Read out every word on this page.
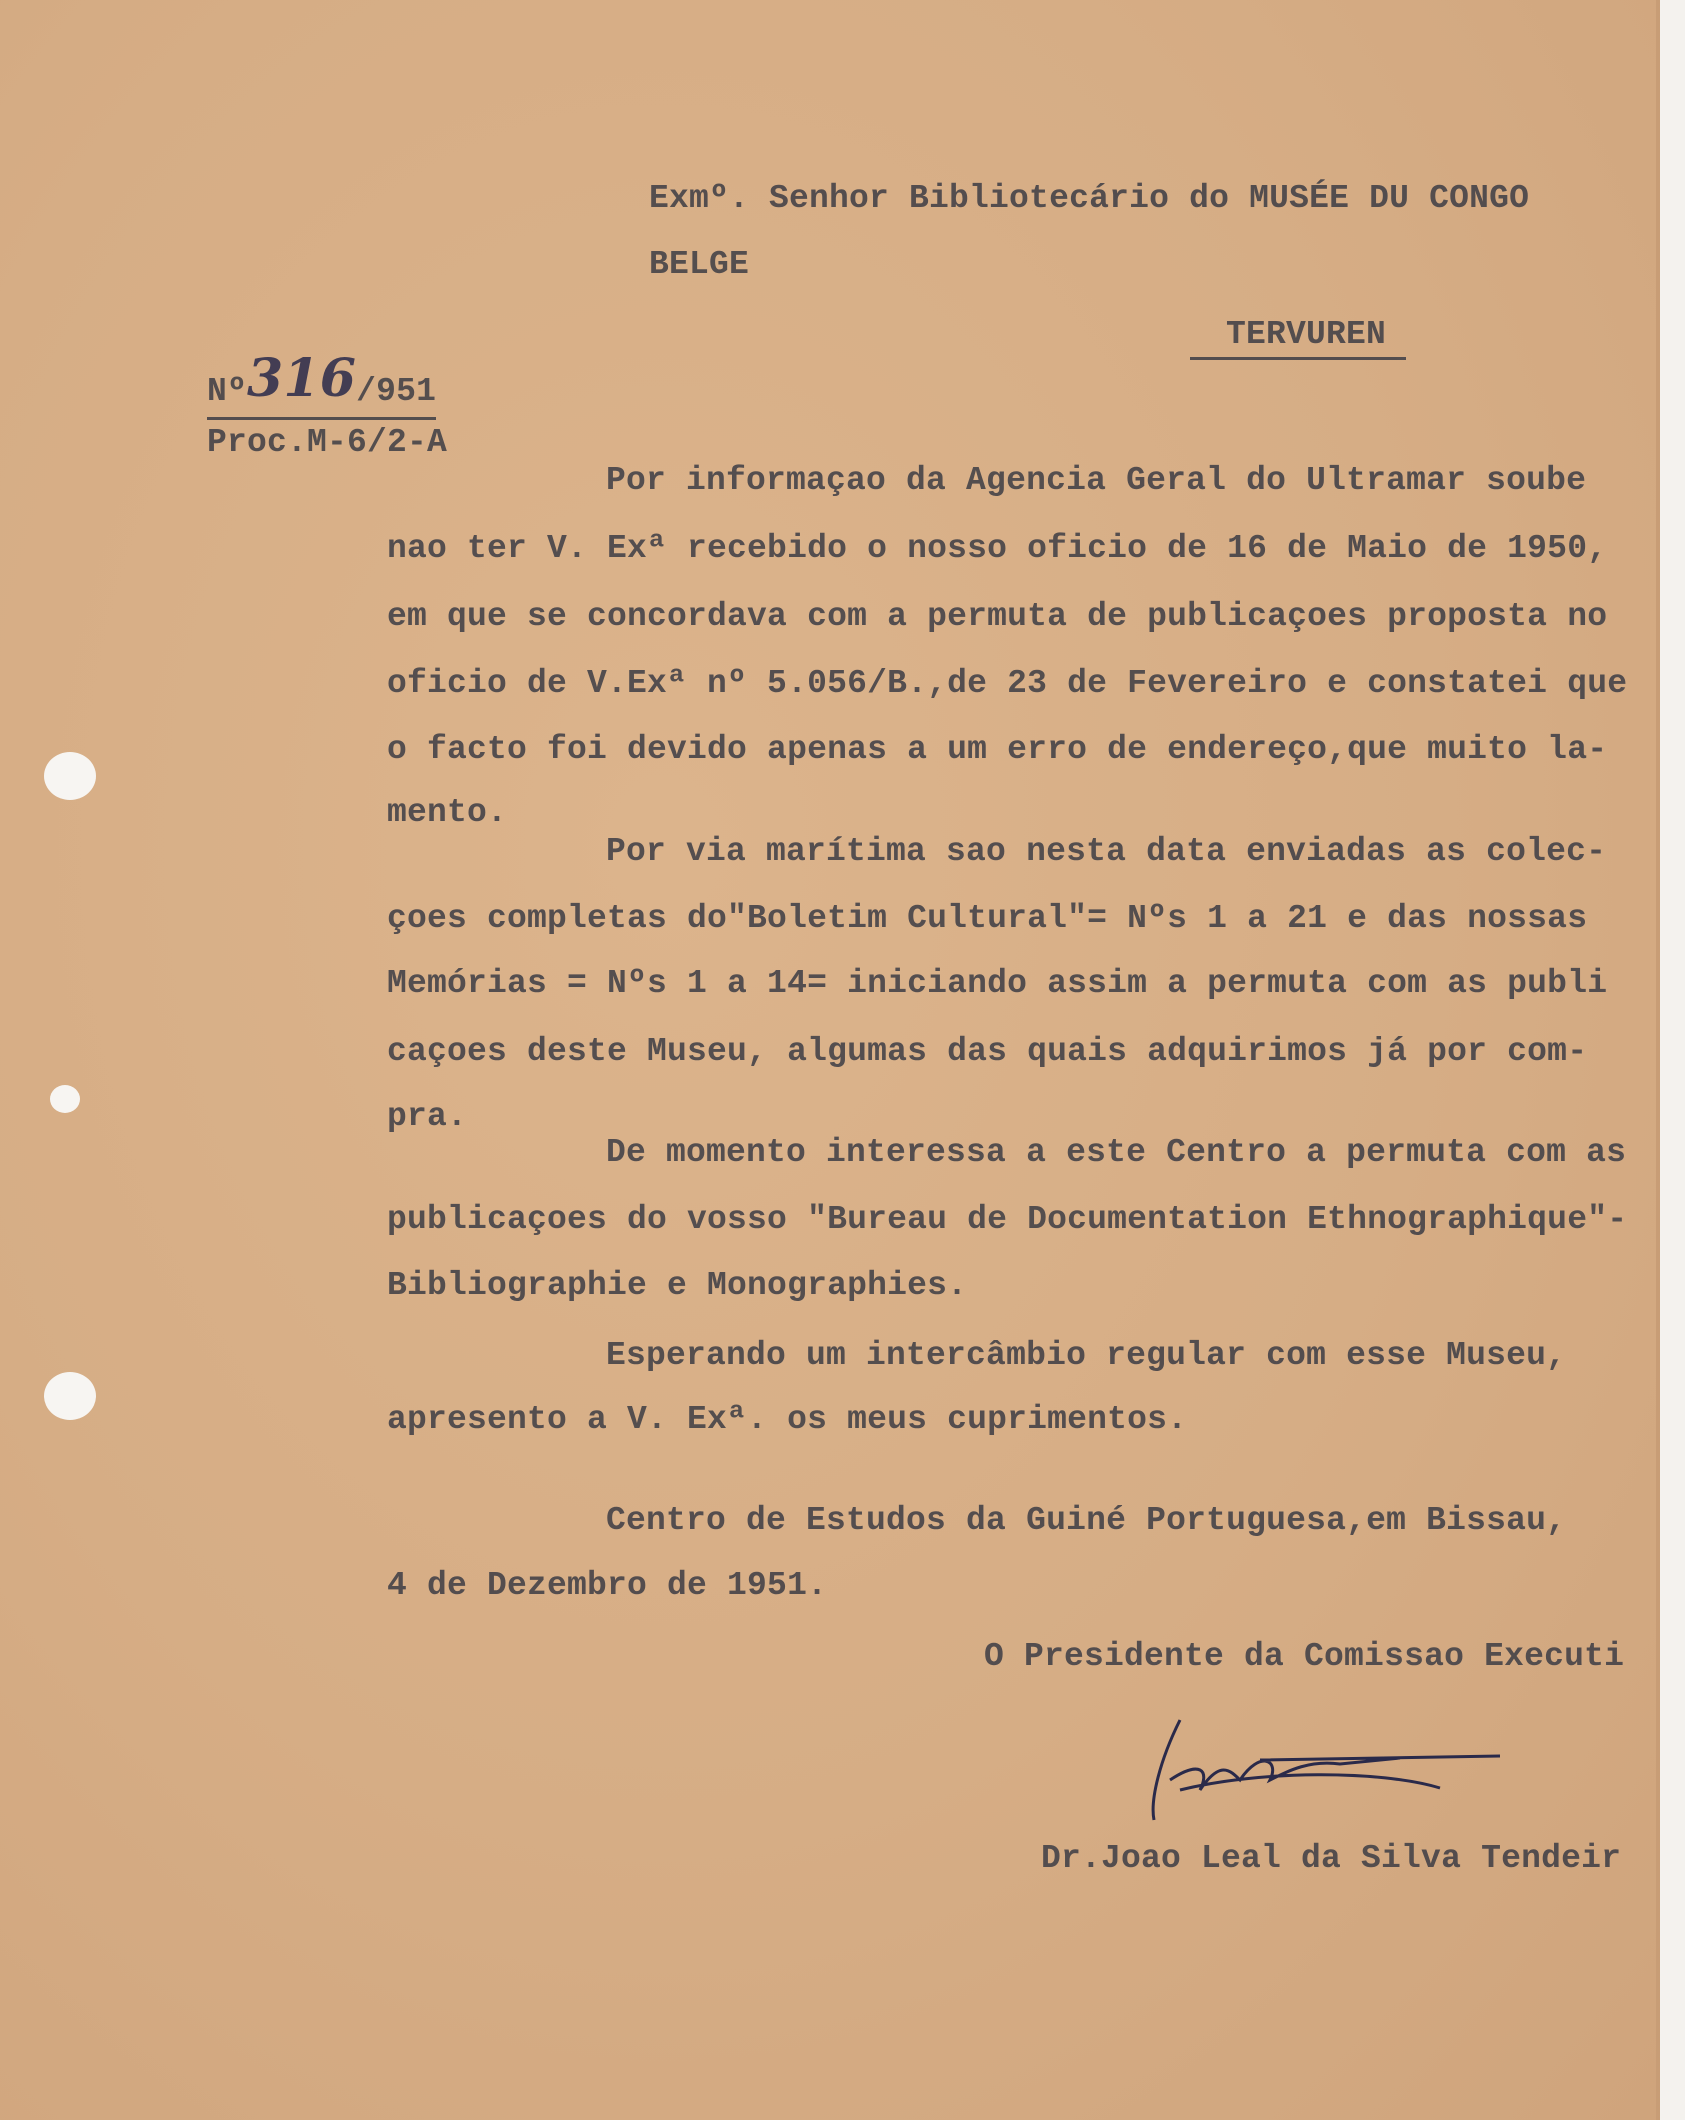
Exmº. Senhor Bibliotecário do MUSÉE DU CONGO
BELGE
TERVUREN
Nº316/951
Proc.M-6/2-A
Por informaçao da Agencia Geral do Ultramar soube
nao ter V. Exª recebido o nosso oficio de 16 de Maio de 1950,
em que se concordava com a permuta de publicaçoes proposta no
oficio de V.Exª nº 5.056/B.,de 23 de Fevereiro e constatei que
o facto foi devido apenas a um erro de endereço,que muito la-
mento.
Por via marítima sao nesta data enviadas as colec-
çoes completas do"Boletim Cultural"= Nºs 1 a 21 e das nossas
Memórias = Nºs 1 a 14= iniciando assim a permuta com as publi
caçoes deste Museu, algumas das quais adquirimos já por com-
pra.
De momento interessa a este Centro a permuta com as
publicaçoes do vosso "Bureau de Documentation Ethnographique"-
Bibliographie e Monographies.
Esperando um intercâmbio regular com esse Museu,
apresento a V. Exª. os meus cuprimentos.
Centro de Estudos da Guiné Portuguesa,em Bissau,
4 de Dezembro de 1951.
O Presidente da Comissao Executi
Dr.Joao Leal da Silva Tendeir
